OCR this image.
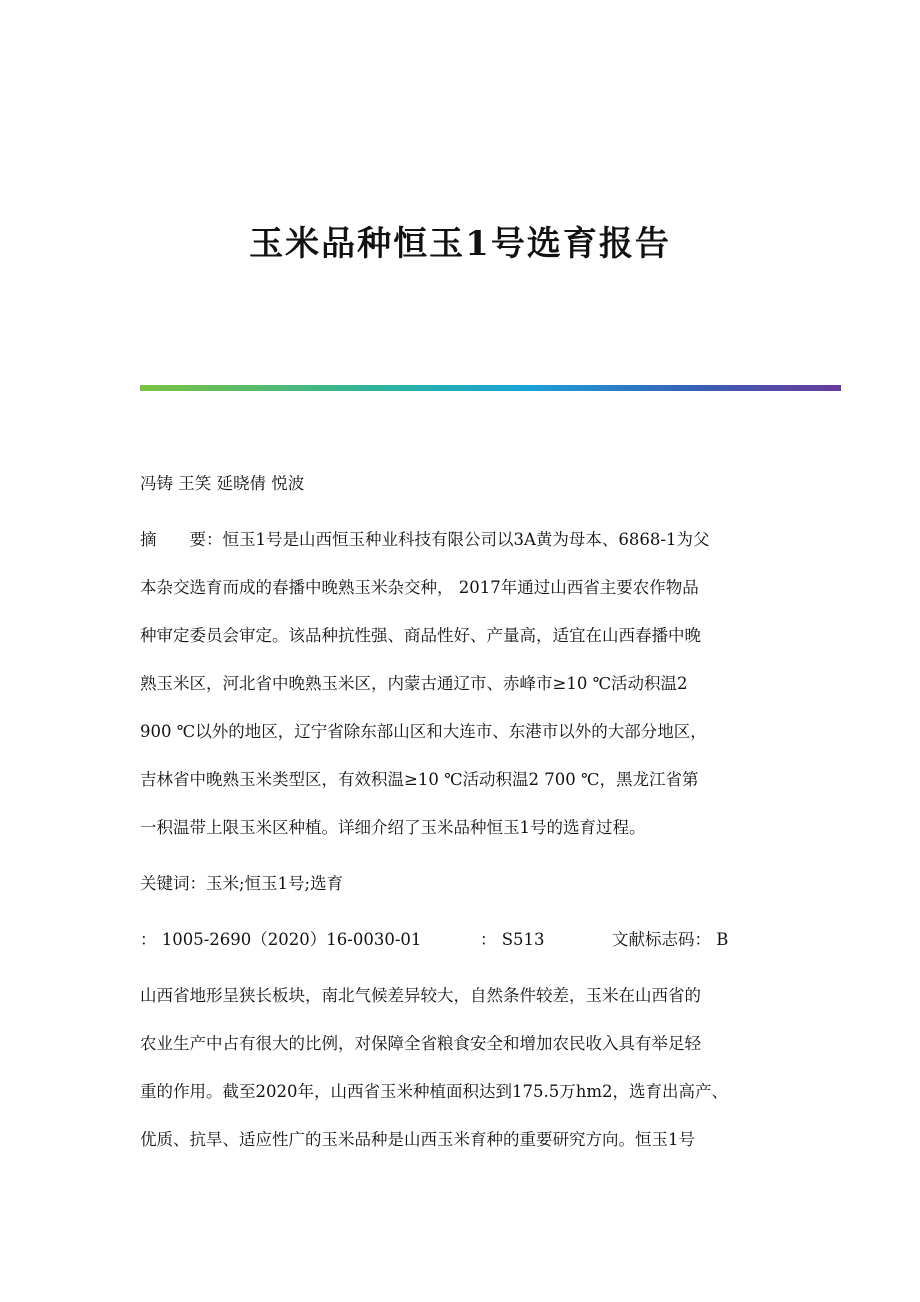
玉米品种恒玉1号选育报告
冯铸 王笑 延晓倩 悦波
摘　　要：恒玉1号是山西恒玉种业科技有限公司以3A黄为母本、6868-1为父
本杂交选育而成的春播中晚熟玉米杂交种， 2017年通过山西省主要农作物品
种审定委员会审定。该品种抗性强、商品性好、产量高，适宜在山西春播中晚
熟玉米区，河北省中晚熟玉米区，内蒙古通辽市、赤峰市≥10 ℃活动积温2
900 ℃以外的地区，辽宁省除东部山区和大连市、东港市以外的大部分地区，
吉林省中晚熟玉米类型区，有效积温≥10 ℃活动积温2 700 ℃，黑龙江省第
一积温带上限玉米区种植。详细介绍了玉米品种恒玉1号的选育过程。
关键词：玉米;恒玉1号;选育
： 1005-2690（2020）16-0030-01	： S513	文献标志码： B
山西省地形呈狭长板块，南北气候差异较大，自然条件较差，玉米在山西省的
农业生产中占有很大的比例，对保障全省粮食安全和增加农民收入具有举足轻
重的作用。截至2020年，山西省玉米种植面积达到175.5万hm2，选育出高产、
优质、抗旱、适应性广的玉米品种是山西玉米育种的重要研究方向。恒玉1号
